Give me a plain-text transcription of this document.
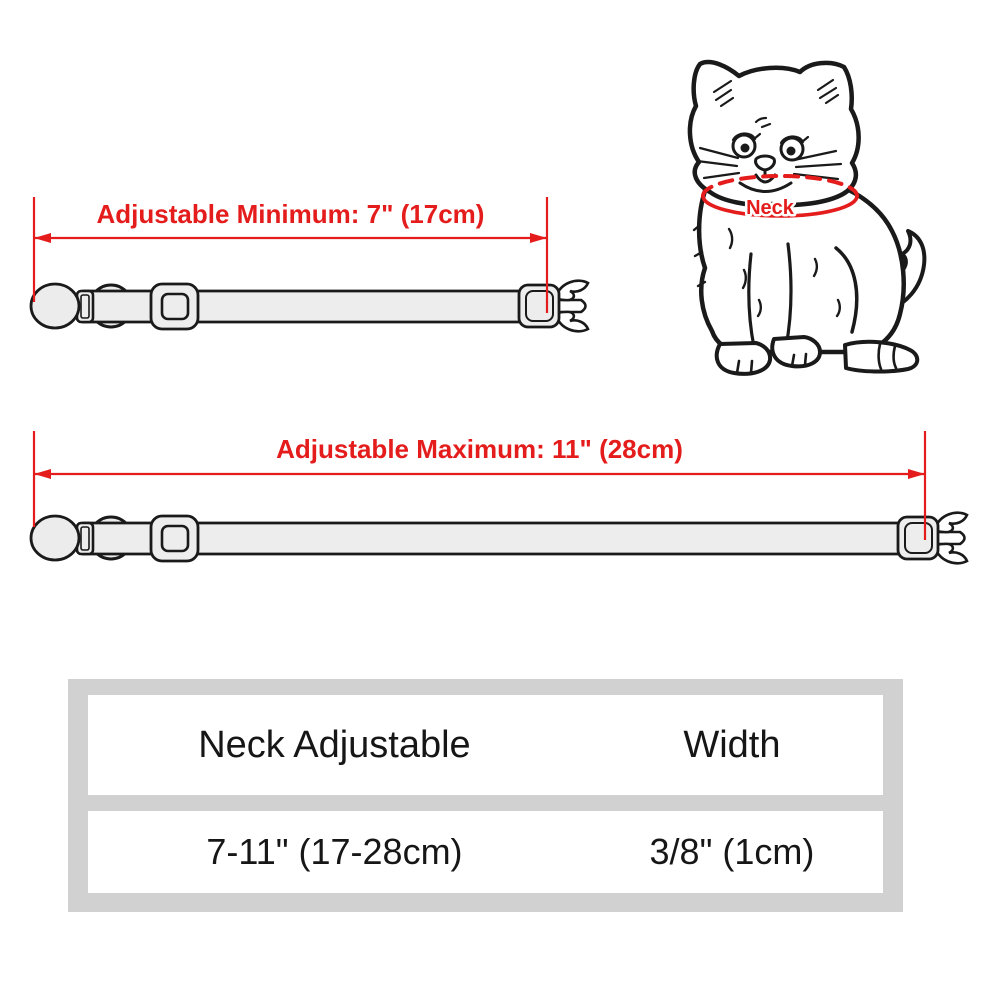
Neck
Adjustable Minimum: 7" (17cm)
Adjustable Maximum: 11" (28cm)
Neck Adjustable	Width
7-11" (17-28cm)	3/8" (1cm)
